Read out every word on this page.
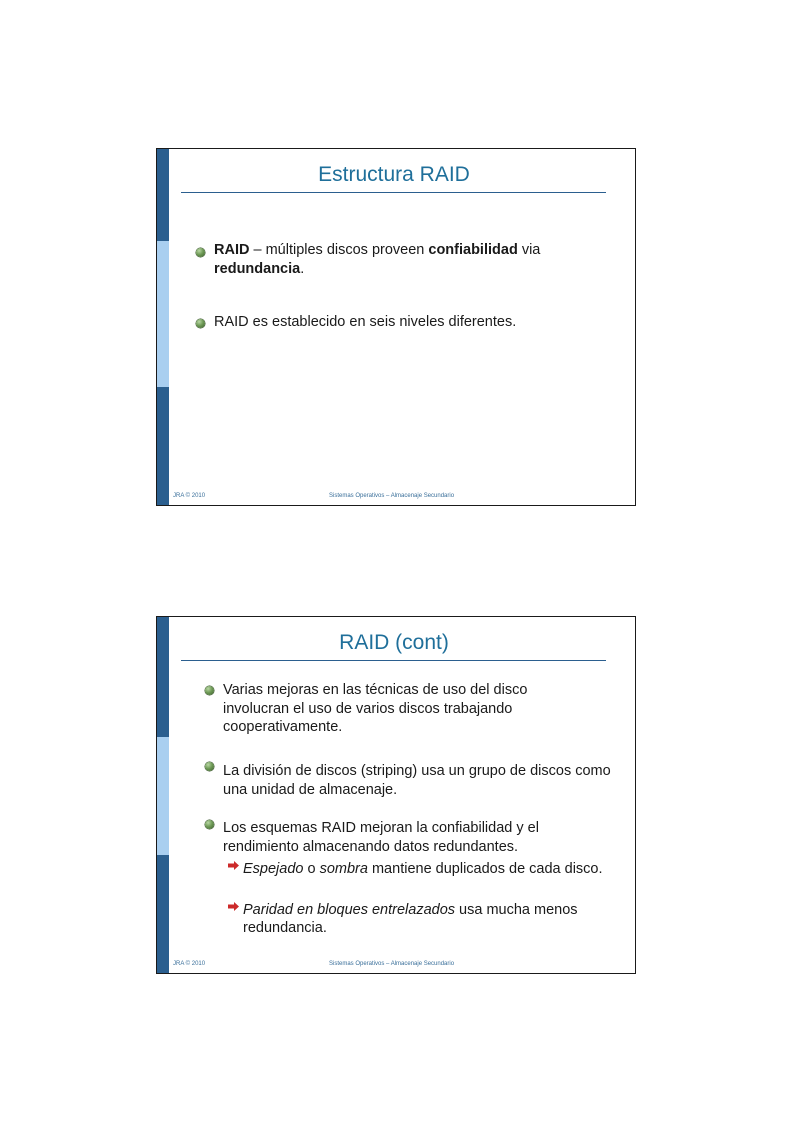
Estructura RAID
RAID – múltiples discos proveen confiabilidad via redundancia.
RAID es establecido en seis niveles diferentes.
JRA © 2010	Sistemas Operativos – Almacenaje Secundario
RAID (cont)
Varias mejoras en las técnicas de uso del disco involucran el uso de varios discos trabajando cooperativamente.
La división de discos (striping) usa un grupo de discos como una unidad de almacenaje.
Los esquemas RAID mejoran la confiabilidad y el rendimiento almacenando datos redundantes.
Espejado o sombra mantiene duplicados de cada disco.
Paridad en bloques entrelazados usa mucha menos redundancia.
JRA © 2010	Sistemas Operativos – Almacenaje Secundario
